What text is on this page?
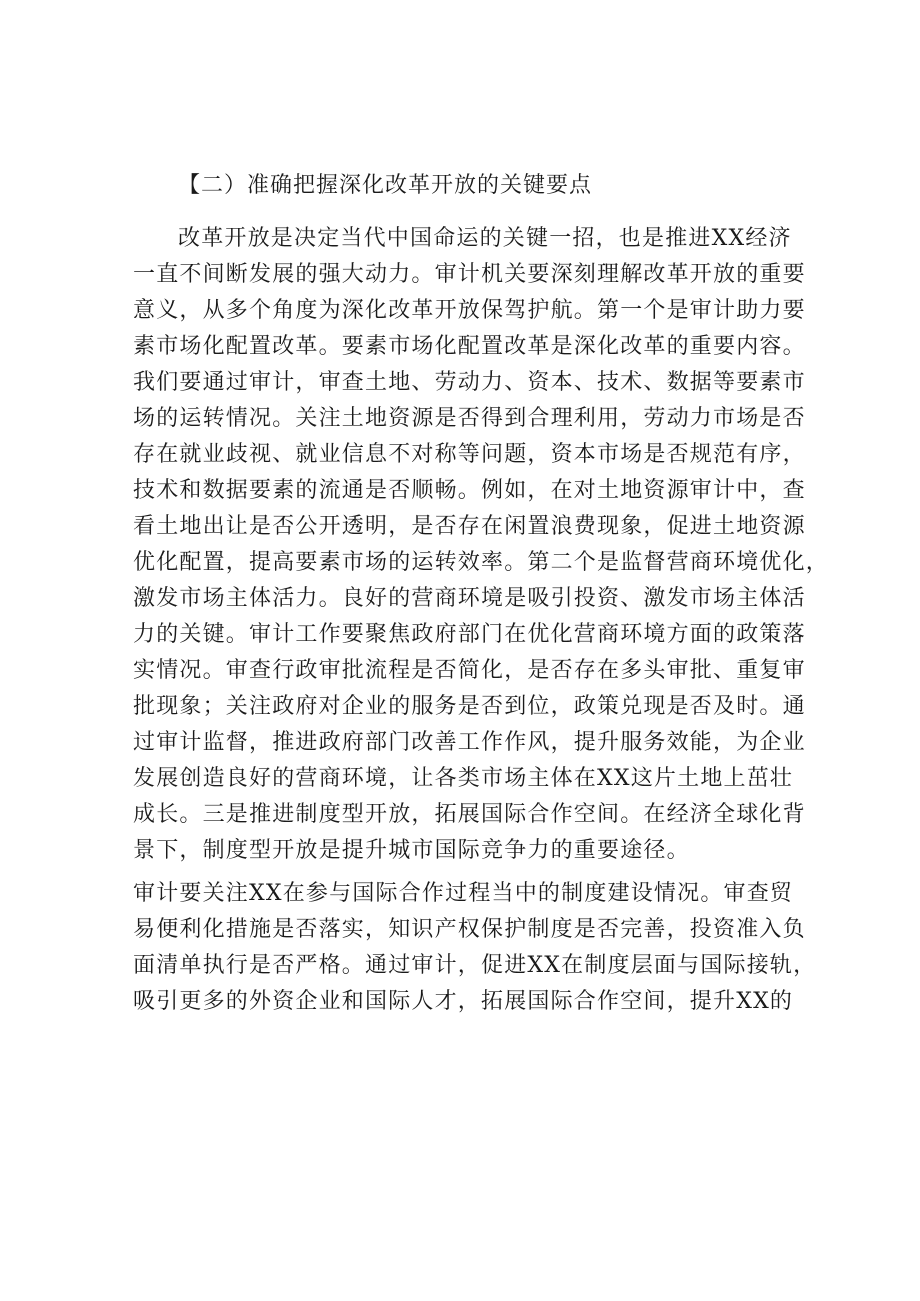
【二）准确把握深化改革开放的关键要点
改革开放是决定当代中国命运的关键一招，也是推进XX经济
一直不间断发展的强大动力。审计机关要深刻理解改革开放的重要
意义，从多个角度为深化改革开放保驾护航。第一个是审计助力要
素市场化配置改革。要素市场化配置改革是深化改革的重要内容。
我们要通过审计，审查土地、劳动力、资本、技术、数据等要素市
场的运转情况。关注土地资源是否得到合理利用，劳动力市场是否
存在就业歧视、就业信息不对称等问题，资本市场是否规范有序，
技术和数据要素的流通是否顺畅。例如，在对土地资源审计中，查
看土地出让是否公开透明，是否存在闲置浪费现象，促进土地资源
优化配置，提高要素市场的运转效率。第二个是监督营商环境优化，
激发市场主体活力。良好的营商环境是吸引投资、激发市场主体活
力的关键。审计工作要聚焦政府部门在优化营商环境方面的政策落
实情况。审查行政审批流程是否简化，是否存在多头审批、重复审
批现象；关注政府对企业的服务是否到位，政策兑现是否及时。通
过审计监督，推进政府部门改善工作作风，提升服务效能，为企业
发展创造良好的营商环境，让各类市场主体在XX这片土地上茁壮
成长。三是推进制度型开放，拓展国际合作空间。在经济全球化背
景下，制度型开放是提升城市国际竞争力的重要途径。
审计要关注XX在参与国际合作过程当中的制度建设情况。审查贸
易便利化措施是否落实，知识产权保护制度是否完善，投资准入负
面清单执行是否严格。通过审计，促进XX在制度层面与国际接轨，
吸引更多的外资企业和国际人才，拓展国际合作空间，提升XX的
